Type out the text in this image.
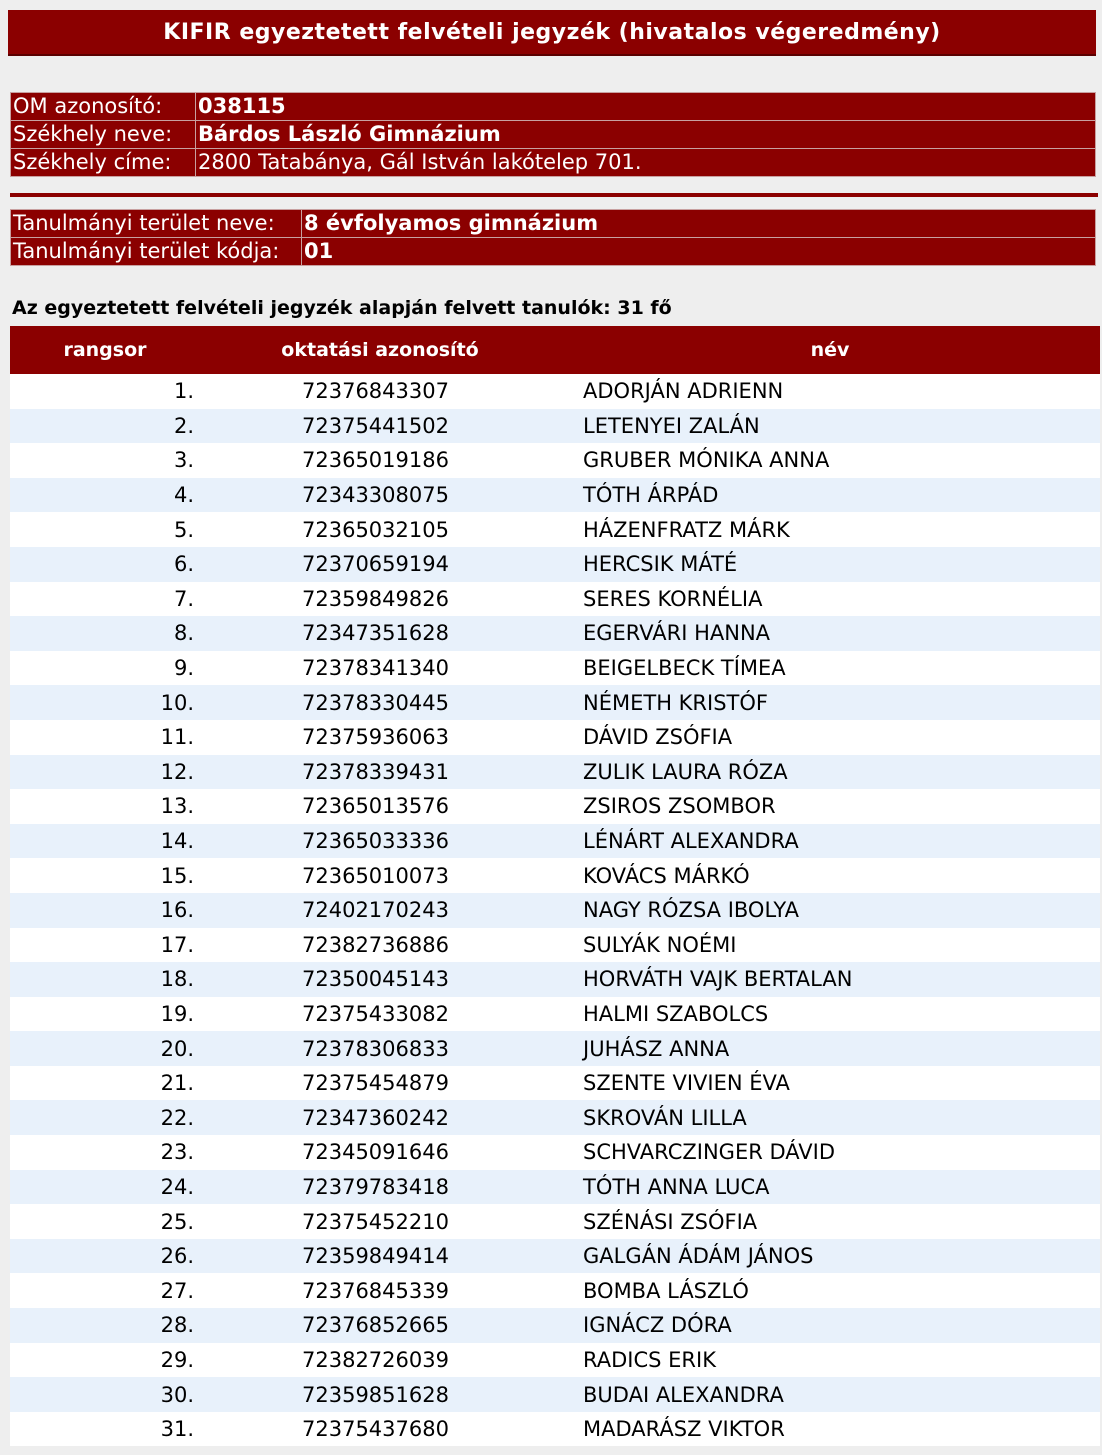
KIFIR egyeztetett felvételi jegyzék (hivatalos végeredmény)
OM azonosító:	038115
Székhely neve:	Bárdos László Gimnázium
Székhely címe:	2800 Tatabánya, Gál István lakótelep 701.
Tanulmányi terület neve:	8 évfolyamos gimnázium
Tanulmányi terület kódja:	01
Az egyeztetett felvételi jegyzék alapján felvett tanulók: 31 fő
rangsor	oktatási azonosító	név
1.	72376843307	ADORJÁN ADRIENN
2.	72375441502	LETENYEI ZALÁN
3.	72365019186	GRUBER MÓNIKA ANNA
4.	72343308075	TÓTH ÁRPÁD
5.	72365032105	HÁZENFRATZ MÁRK
6.	72370659194	HERCSIK MÁTÉ
7.	72359849826	SERES KORNÉLIA
8.	72347351628	EGERVÁRI HANNA
9.	72378341340	BEIGELBECK TÍMEA
10.	72378330445	NÉMETH KRISTÓF
11.	72375936063	DÁVID ZSÓFIA
12.	72378339431	ZULIK LAURA RÓZA
13.	72365013576	ZSIROS ZSOMBOR
14.	72365033336	LÉNÁRT ALEXANDRA
15.	72365010073	KOVÁCS MÁRKÓ
16.	72402170243	NAGY RÓZSA IBOLYA
17.	72382736886	SULYÁK NOÉMI
18.	72350045143	HORVÁTH VAJK BERTALAN
19.	72375433082	HALMI SZABOLCS
20.	72378306833	JUHÁSZ ANNA
21.	72375454879	SZENTE VIVIEN ÉVA
22.	72347360242	SKROVÁN LILLA
23.	72345091646	SCHVARCZINGER DÁVID
24.	72379783418	TÓTH ANNA LUCA
25.	72375452210	SZÉNÁSI ZSÓFIA
26.	72359849414	GALGÁN ÁDÁM JÁNOS
27.	72376845339	BOMBA LÁSZLÓ
28.	72376852665	IGNÁCZ DÓRA
29.	72382726039	RADICS ERIK
30.	72359851628	BUDAI ALEXANDRA
31.	72375437680	MADARÁSZ VIKTOR
